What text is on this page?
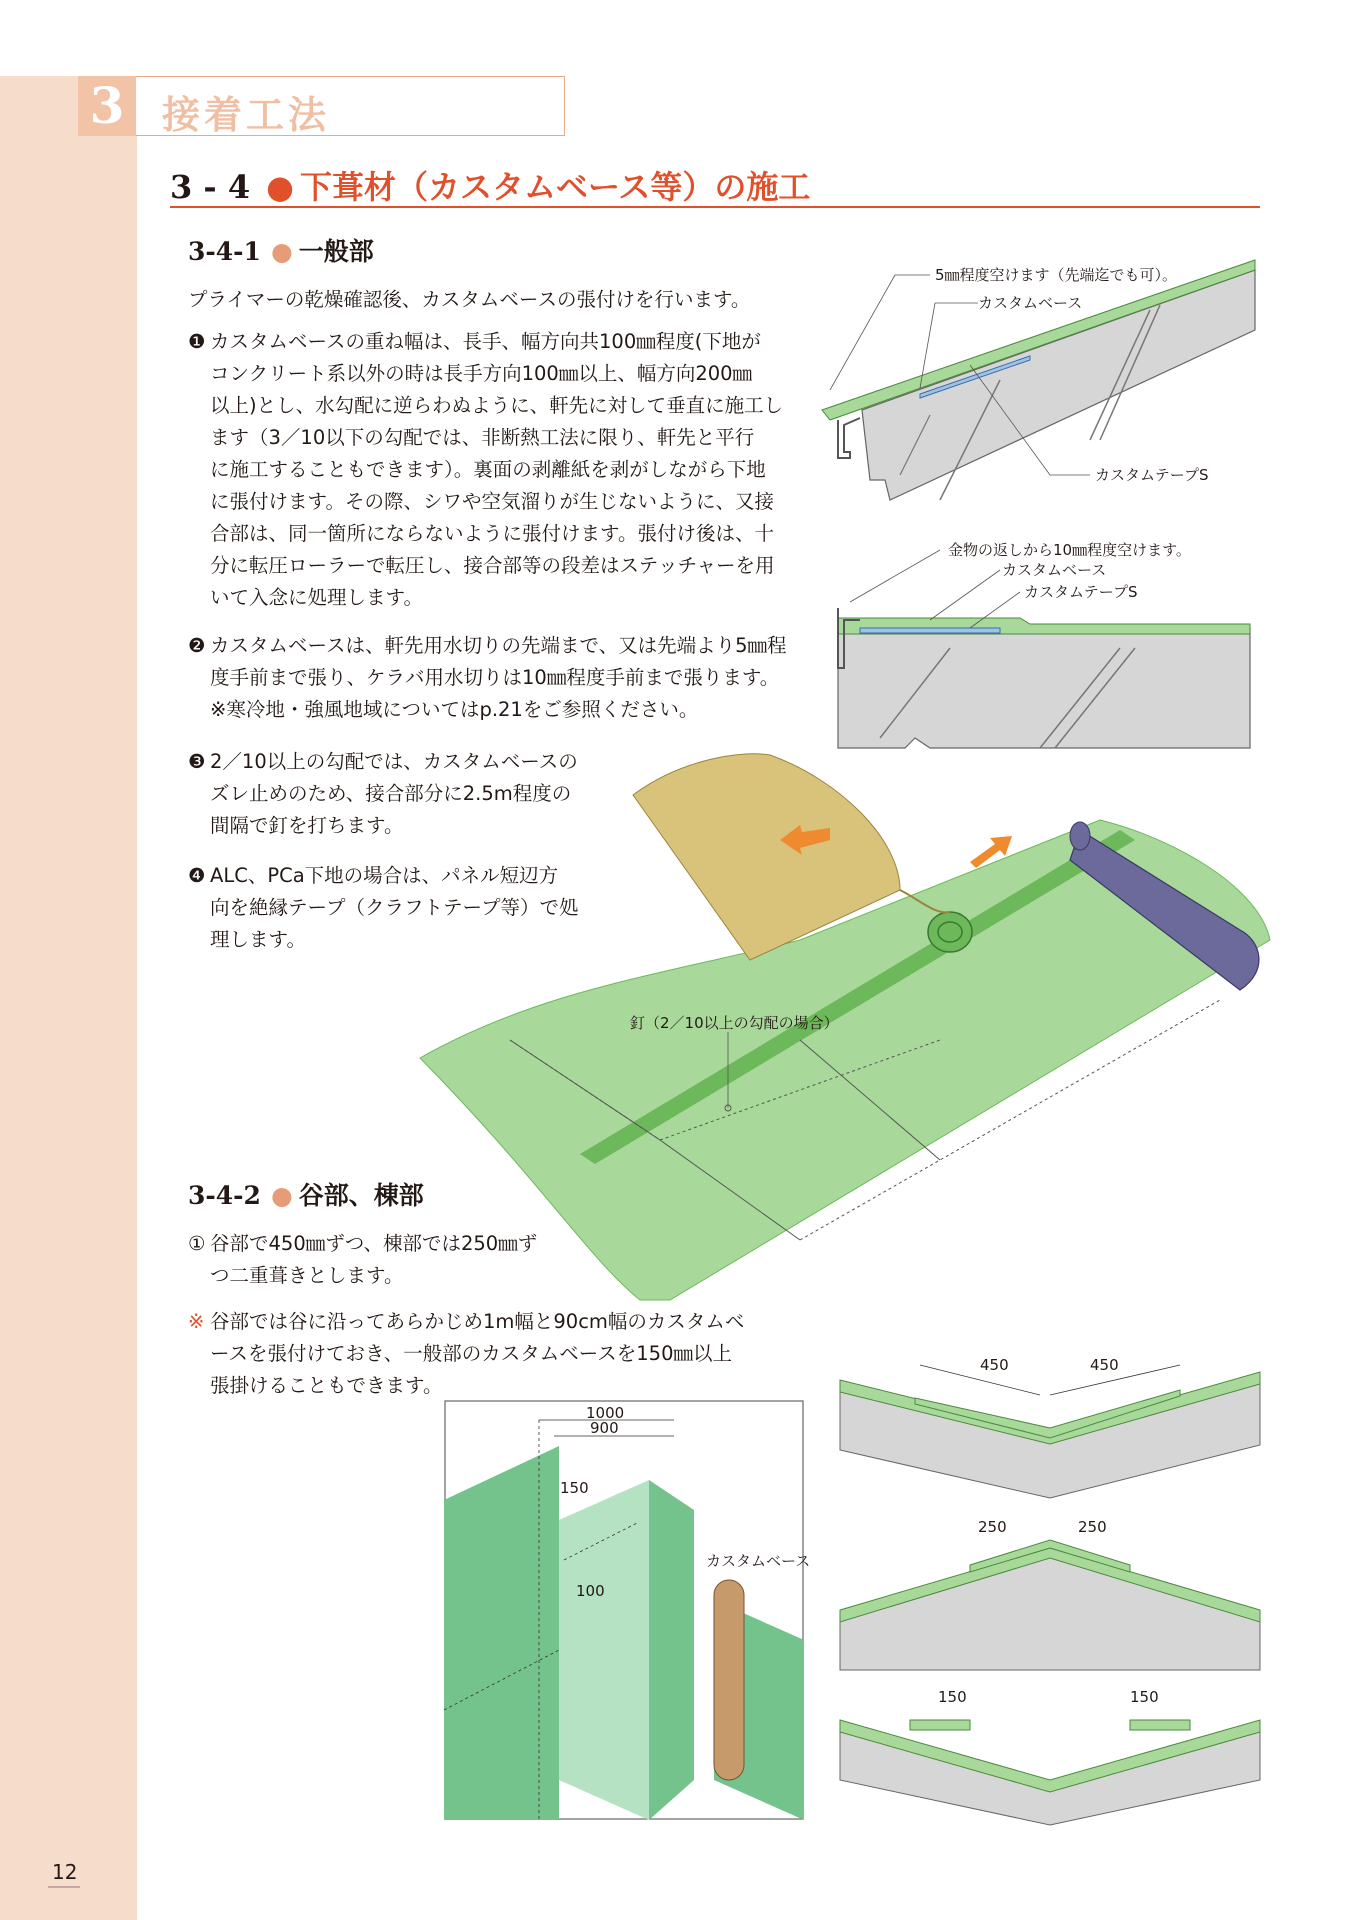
3 接着工法
3 - 4 ● 下葺材（カスタムベース等）の施工
3-4-1 ● 一般部
プライマーの乾燥確認後、カスタムベースの張付けを行います。
❶ カスタムベースの重ね幅は、長手、幅方向共100㎜程度(下地が
コンクリート系以外の時は長手方向100㎜以上、幅方向200㎜
以上)とし、水勾配に逆らわぬように、軒先に対して垂直に施工し
ます（3／10以下の勾配では、非断熱工法に限り、軒先と平行
に施工することもできます）。裏面の剥離紙を剥がしながら下地
に張付けます。その際、シワや空気溜りが生じないように、又接
合部は、同一箇所にならないように張付けます。張付け後は、十
分に転圧ローラーで転圧し、接合部等の段差はステッチャーを用
いて入念に処理します。
❷ カスタムベースは、軒先用水切りの先端まで、又は先端より5㎜程
度手前まで張り、ケラバ用水切りは10㎜程度手前まで張ります。
※寒冷地・強風地域についてはp.21をご参照ください。
❸ 2／10以上の勾配では、カスタムベースの
ズレ止めのため、接合部分に2.5m程度の
間隔で釘を打ちます。
❹ ALC、PCa下地の場合は、パネル短辺方
向を絶縁テープ（クラフトテープ等）で処
理します。
3-4-2 ● 谷部、棟部
① 谷部で450㎜ずつ、棟部では250㎜ず
つ二重葺きとします。
※ 谷部では谷に沿ってあらかじめ1m幅と90cm幅のカスタムベ
ースを張付けておき、一般部のカスタムベースを150㎜以上
張掛けることもできます。
5㎜程度空けます（先端迄でも可）。
カスタムベース
カスタムテープS
金物の返しから10㎜程度空けます。
カスタムベース
カスタムテープS
釘（2／10以上の勾配の場合）
1000
900
150
100
カスタムベース
450	450
250	250
150	150
12
